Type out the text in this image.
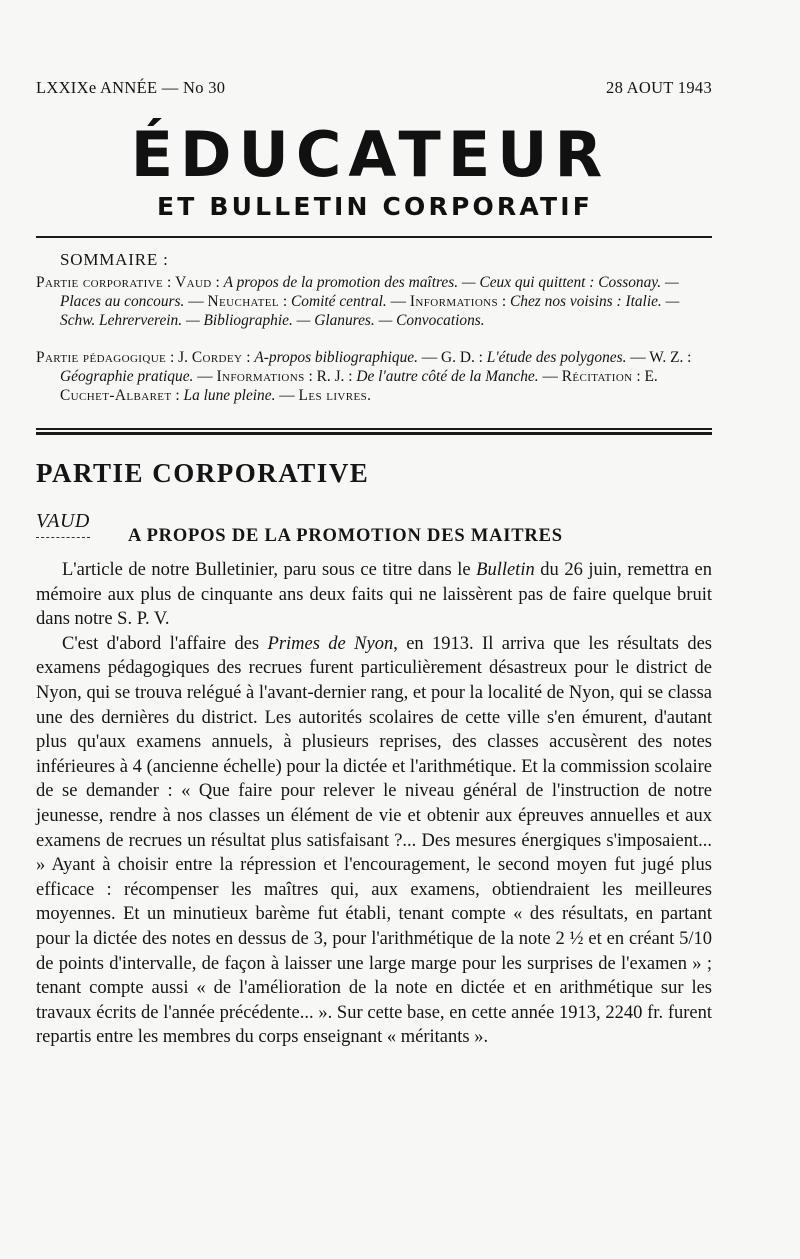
LXXIXe ANNÉE — No 30	28 AOUT 1943
ÉDUCATEUR
ET BULLETIN CORPORATIF
SOMMAIRE :
Partie corporative : Vaud : A propos de la promotion des maîtres. — Ceux qui quittent : Cossonay. — Places au concours. — Neuchatel : Comité central. — Informations : Chez nos voisins : Italie. — Schw. Lehrerverein. — Bibliographie. — Glanures. — Convocations.
Partie pédagogique : J. Cordey : A-propos bibliographique. — G. D. : L'étude des polygones. — W. Z. : Géographie pratique. — Informations : R. J. : De l'autre côté de la Manche. — Récitation : E. Cuchet-Albaret : La lune pleine. — Les livres.
PARTIE CORPORATIVE
VAUD
A PROPOS DE LA PROMOTION DES MAITRES

L'article de notre Bulletinier, paru sous ce titre dans le Bulletin du 26 juin, remettra en mémoire aux plus de cinquante ans deux faits qui ne laissèrent pas de faire quelque bruit dans notre S. P. V.

C'est d'abord l'affaire des Primes de Nyon, en 1913. Il arriva que les résultats des examens pédagogiques des recrues furent particulièrement désastreux pour le district de Nyon, qui se trouva relégué à l'avant-dernier rang, et pour la localité de Nyon, qui se classa une des dernières du district. Les autorités scolaires de cette ville s'en émurent, d'autant plus qu'aux examens annuels, à plusieurs reprises, des classes accusèrent des notes inférieures à 4 (ancienne échelle) pour la dictée et l'arithmétique. Et la commission scolaire de se demander : « Que faire pour relever le niveau général de l'instruction de notre jeunesse, rendre à nos classes un élément de vie et obtenir aux épreuves annuelles et aux examens de recrues un résultat plus satisfaisant ?... Des mesures énergiques s'imposaient... » Ayant à choisir entre la répression et l'encouragement, le second moyen fut jugé plus efficace : récompenser les maîtres qui, aux examens, obtiendraient les meilleures moyennes. Et un minutieux barème fut établi, tenant compte « des résultats, en partant pour la dictée des notes en dessus de 3, pour l'arithmétique de la note 2 ½ et en créant 5/10 de points d'intervalle, de façon à laisser une large marge pour les surprises de l'examen » ; tenant compte aussi « de l'amélioration de la note en dictée et en arithmétique sur les travaux écrits de l'année précédente... ». Sur cette base, en cette année 1913, 2240 fr. furent repartis entre les membres du corps enseignant « méritants ».
